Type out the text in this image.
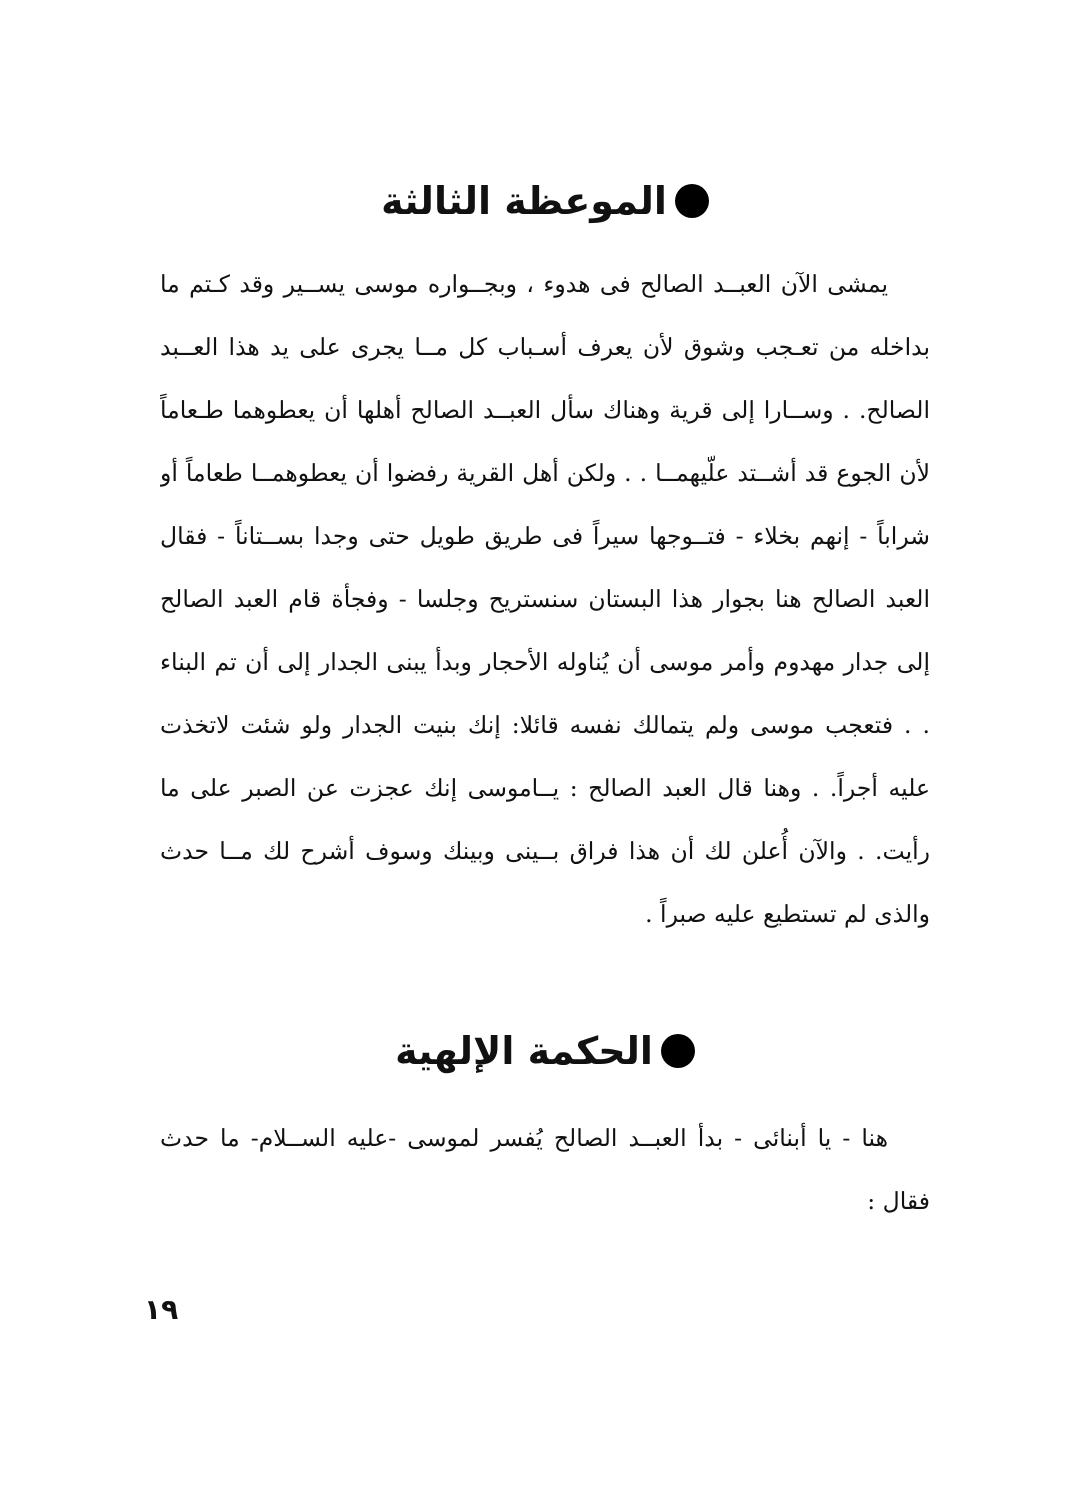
الموعظة الثالثة
يمشى الآن العبــد الصالح فى هدوء ، وبجــواره موسى يســير وقد كـتم ما
بداخله من تعـجب وشوق لأن يعرف أسـباب كل مــا يجرى على يد هذا العــبد
الصالح. . وســارا إلى قرية وهناك سأل العبــد الصالح أهلها أن يعطوهما طـعاماً
لأن الجوع قد أشــتد علّيهمــا . . ولكن أهل القرية رفضوا أن يعطوهمــا طعاماً أو
شراباً - إنهم بخلاء - فتــوجها سيراً فى طريق طويل حتى وجدا بســتاناً - فقال
العبد الصالح هنا بجوار هذا البستان سنستريح وجلسا - وفجأة قام العبد الصالح
إلى جدار مهدوم وأمر موسى أن يُناوله الأحجار وبدأ يبنى الجدار إلى أن تم البناء
. . فتعجب موسى ولم يتمالك نفسه قائلا: إنك بنيت الجدار ولو شئت لاتخذت
عليه أجراً. . وهنا قال العبد الصالح : يــاموسى إنك عجزت عن الصبر على ما
رأيت. . والآن أُعلن لك أن هذا فراق بــينى وبينك وسوف أشرح لك مــا حدث
والذى لم تستطيع عليه صبراً .
الحكمة الإلهية
هنا - يا أبنائى - بدأ العبــد الصالح يُفسر لموسى -عليه الســلام- ما حدث
فقال :
١٩
